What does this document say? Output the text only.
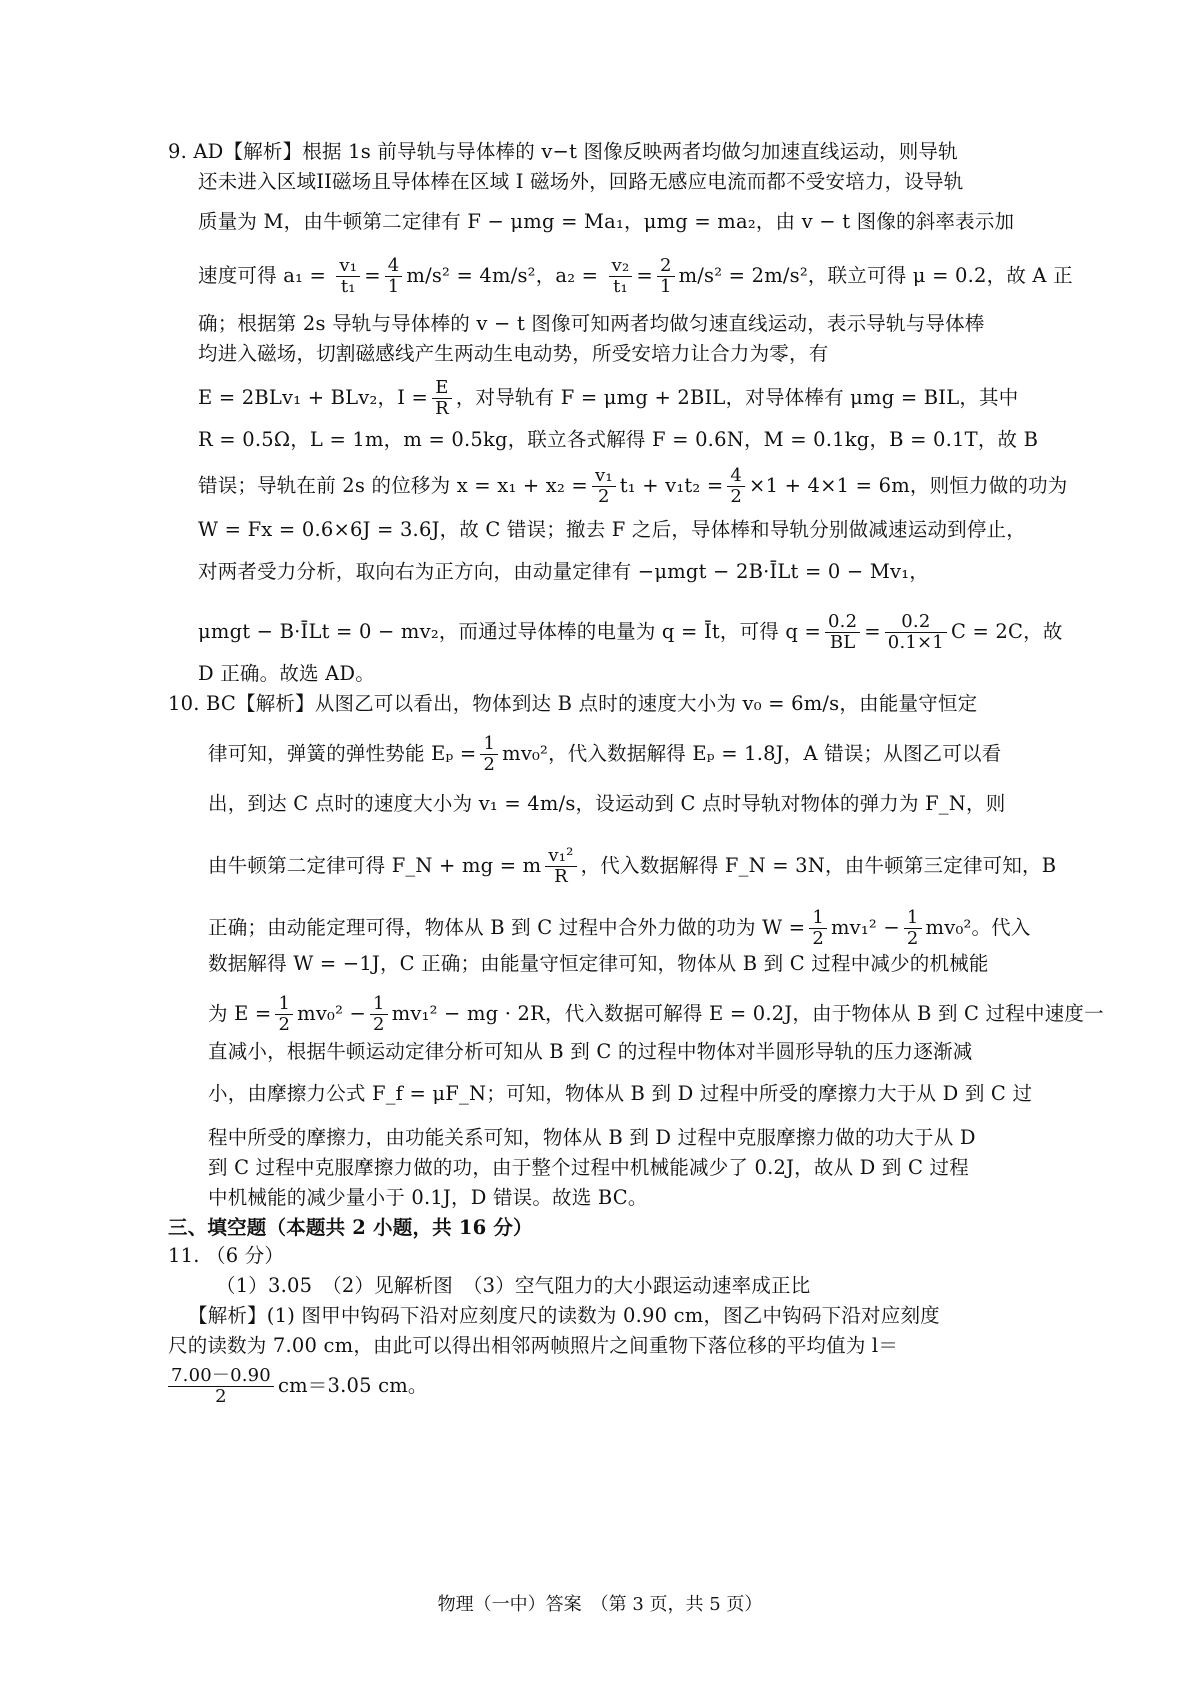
9. AD【解析】根据 1s 前导轨与导体棒的 v−t 图像反映两者均做匀加速直线运动，则导轨
还未进入区域II磁场且导体棒在区域 I 磁场外，回路无感应电流而都不受安培力，设导轨
质量为 M，由牛顿第二定律有 F − μmg = Ma₁，μmg = ma₂，由 v − t 图像的斜率表示加
速度可得 $a_1 = \frac{\text{v₁}}{\text{t₁}} = \frac{4}{1} m/s^2 = 4m/s^2$，$a_2 = \frac{\text{v₂}}{\text{t₁}} = \frac{2}{1} m/s^2 = 2m/s^2$，联立可得 μ = 0.2，故 A 正
确；根据第 2s 导轨与导体棒的 v − t 图像可知两者均做匀速直线运动，表示导轨与导体棒
均进入磁场，切割磁感线产生两动生电动势，所受安培力让合力为零，有
E = 2BLv₁ + BLv₂，$I = \frac{E}{R}$ ，对导轨有 F = μmg + 2BIL，对导体棒有 μmg = BIL，其中
R = 0.5Ω，L = 1m，m = 0.5kg，联立各式解得 F = 0.6N，M = 0.1kg，B = 0.1T，故 B
错误；导轨在前 2s 的位移为 $x = x_1 + x_2 = \frac{\text{v₁}}{2} t_1 + v_1t_2 = \frac{4}{2} \times 1 + 4\times 1 = 6m$，则恒力做的功为
W = Fx = 0.6×6J = 3.6J，故 C 错误；撤去 F 之后，导体棒和导轨分别做减速运动到停止，
对两者受力分析，取向右为正方向，由动量定律有 −μmgt − 2B·ĪLt = 0 − Mv₁，
μmgt − B·ĪLt = 0 − mv₂，而通过导体棒的电量为 q = Īt，可得 $q = \frac{0.2}{BL} = \frac{0.2}{0.1\times 1}$ C = 2C，故
D 正确。故选 AD。
10. BC【解析】从图乙可以看出，物体到达 B 点时的速度大小为 v₀ = 6m/s，由能量守恒定
律可知，弹簧的弹性势能 $E_p = \frac{1}{2} mv_0^2$，代入数据解得 Eₚ = 1.8J，A 错误；从图乙可以看
出，到达 C 点时的速度大小为 v₁ = 4m/s，设运动到 C 点时导轨对物体的弹力为 F_N，则
由牛顿第二定律可得 F_N + mg = m $\frac{\text{v₁²}}{R}$ ，代入数据解得 F_N = 3N，由牛顿第三定律可知，B
正确；由动能定理可得，物体从 B 到 C 过程中合外力做的功为 $W = \frac{1}{2} mv_1^2 - \frac{1}{2} mv_0^2$。代入
数据解得 W = −1J，C 正确；由能量守恒定律可知，物体从 B 到 C 过程中减少的机械能
为 $E = \frac{1}{2} mv_0^2 - \frac{1}{2} mv_1^2$ − mg · 2R，代入数据可解得 E = 0.2J，由于物体从 B 到 C 过程中速度一
直减小，根据牛顿运动定律分析可知从 B 到 C 的过程中物体对半圆形导轨的压力逐渐减
小，由摩擦力公式 F_f = μF_N；可知，物体从 B 到 D 过程中所受的摩擦力大于从 D 到 C 过
程中所受的摩擦力，由功能关系可知，物体从 B 到 D 过程中克服摩擦力做的功大于从 D
到 C 过程中克服摩擦力做的功，由于整个过程中机械能减少了 0.2J，故从 D 到 C 过程
中机械能的减少量小于 0.1J，D 错误。故选 BC。
三、填空题（本题共 2 小题，共 16 分）
11. （6 分）
（1）3.05　（2）见解析图　（3）空气阻力的大小跟运动速率成正比
【解析】(1) 图甲中钩码下沿对应刻度尺的读数为 0.90 cm，图乙中钩码下沿对应刻度
尺的读数为 7.00 cm，由此可以得出相邻两帧照片之间重物下落位移的平均值为 l＝
$\frac{7.00-0.90}{2} cm=3.05$ cm。
物理（一中）答案　（第 3 页，共 5 页）
